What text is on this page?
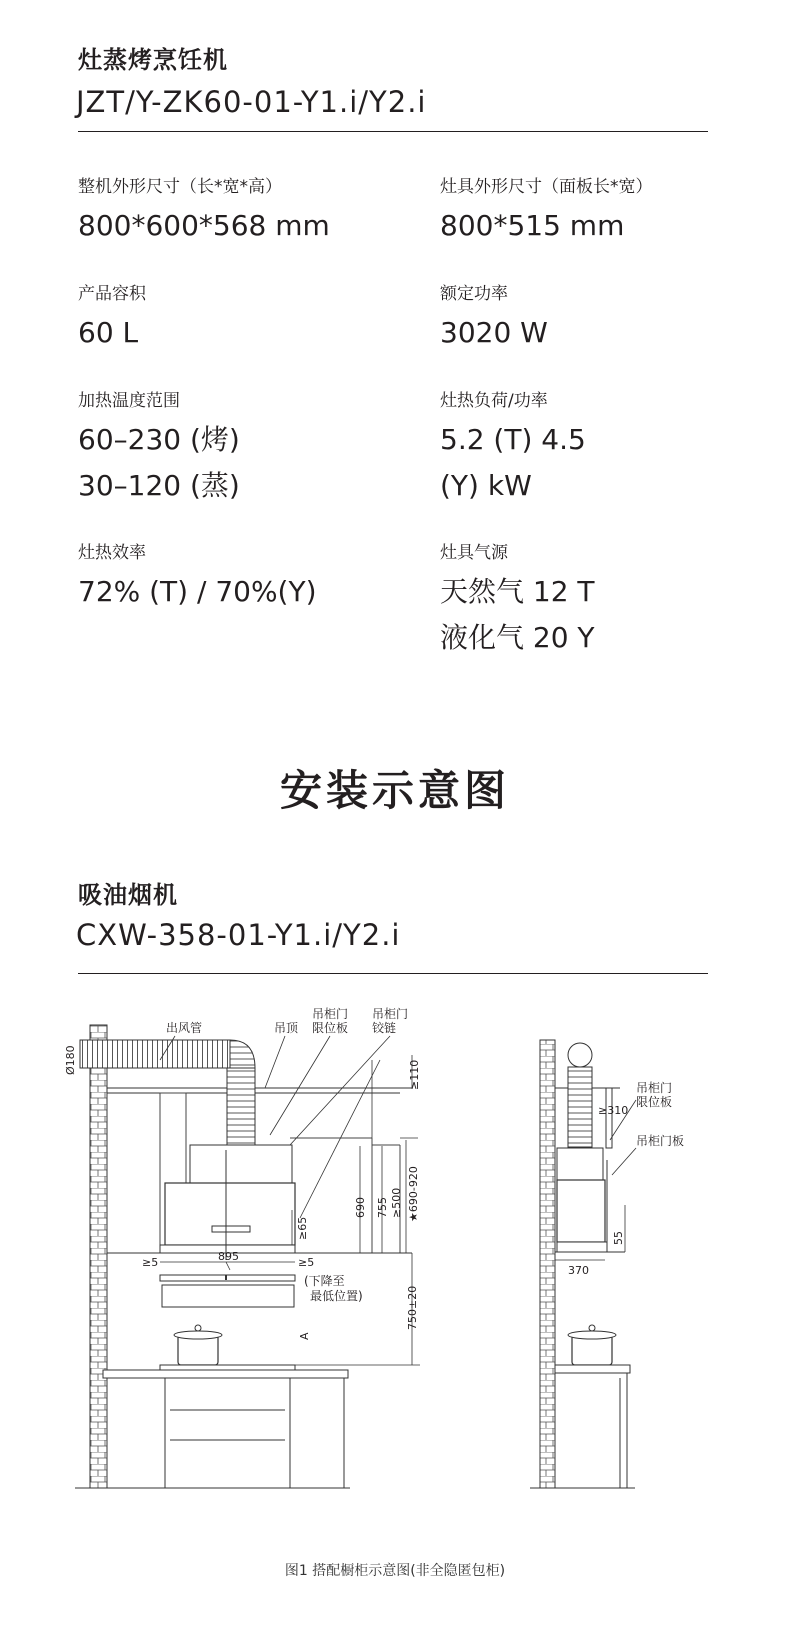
灶蒸烤烹饪机
JZT/Y-ZK60-01-Y1.i/Y2.i
整机外形尺寸（长*宽*高）
800*600*568 mm
灶具外形尺寸（面板长*宽）
800*515 mm
产品容积
60 L
额定功率
3020 W
加热温度范围
60–230 (烤)
30–120 (蒸)
灶热负荷/功率
5.2 (T) 4.5
(Y) kW
灶热效率
72% (T) / 70%(Y)
灶具气源
天然气 12 T
液化气 20 Y
安装示意图
吸油烟机
CXW-358-01-Y1.i/Y2.i
出风管	吊顶
吊柜门
限位板
吊柜门
铰链
Ø180	≥110
690 755 ≥500 ★690-920
≥65
≥5	895	≥5
(下降至
最低位置)	750±20
A
吊柜门
限位板
≥310
吊柜门板
55
370
图1 搭配橱柜示意图(非全隐匿包柜)
